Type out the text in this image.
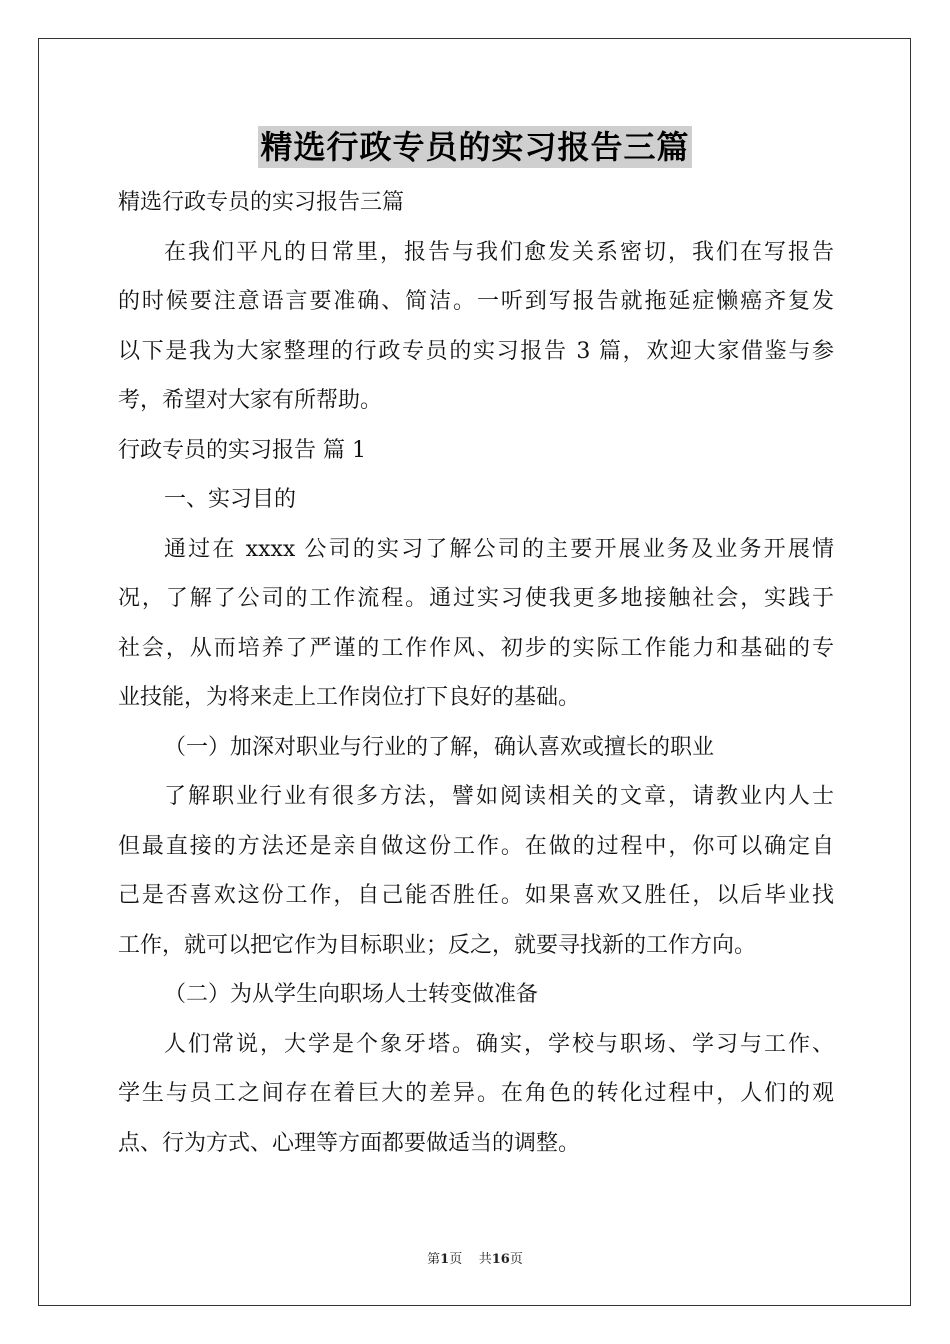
精选行政专员的实习报告三篇
精选行政专员的实习报告三篇
在我们平凡的日常里，报告与我们愈发关系密切，我们在写报告
的时候要注意语言要准确、简洁。一听到写报告就拖延症懒癌齐复发
以下是我为大家整理的行政专员的实习报告 3 篇，欢迎大家借鉴与参
考，希望对大家有所帮助。
行政专员的实习报告 篇 1
一、实习目的
通过在 xxxx 公司的实习了解公司的主要开展业务及业务开展情
况，了解了公司的工作流程。通过实习使我更多地接触社会，实践于
社会，从而培养了严谨的工作作风、初步的实际工作能力和基础的专
业技能，为将来走上工作岗位打下良好的基础。
（一）加深对职业与行业的了解，确认喜欢或擅长的职业
了解职业行业有很多方法，譬如阅读相关的文章，请教业内人士
但最直接的方法还是亲自做这份工作。在做的过程中，你可以确定自
己是否喜欢这份工作，自己能否胜任。如果喜欢又胜任，以后毕业找
工作，就可以把它作为目标职业；反之，就要寻找新的工作方向。
（二）为从学生向职场人士转变做准备
人们常说，大学是个象牙塔。确实，学校与职场、学习与工作、
学生与员工之间存在着巨大的差异。在角色的转化过程中，人们的观
点、行为方式、心理等方面都要做适当的调整。
第1页 共16页
